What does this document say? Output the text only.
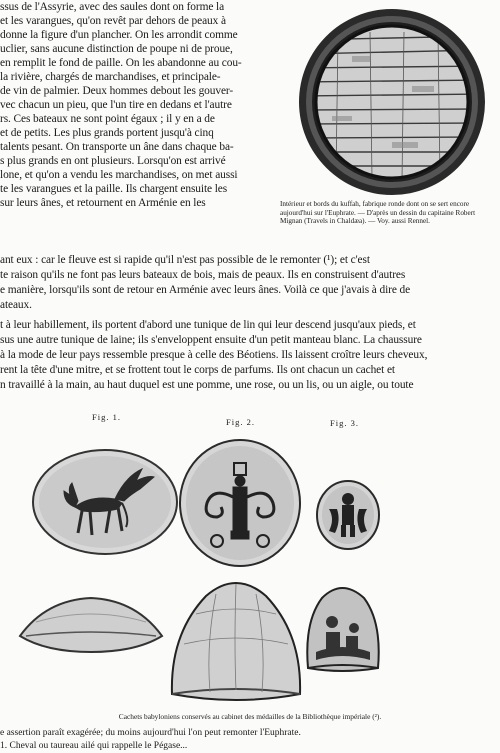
ssus de l'Assyrie, avec des saules dont on forme la
et les varangues, qu'on revêt par dehors de peaux à
donne la figure d'un plancher. On les arrondit comme
uclier, sans aucune distinction de poupe ni de proue,
en remplit le fond de paille. On les abandonne au cou-
la rivière, chargés de marchandises, et principale-
de vin de palmier. Deux hommes debout les gouver-
vec chacun un pieu, que l'un tire en dedans et l'autre
rs. Ces bateaux ne sont point égaux ; il y en a de
et de petits. Les plus grands portent jusqu'à cinq
talents pesant. On transporte un âne dans chaque ba-
s plus grands en ont plusieurs. Lorsqu'on est arrivé
lone, et qu'on a vendu les marchandises, on met aussi
te les varangues et la paille. Ils chargent ensuite les
sur leurs ânes, et retournent en Arménie en les	Intérieur et bords du kuffah, fabrique ronde dont on se sert encore aujourd'hui sur l'Euphrate. — D'après un dessin du capitaine Robert Mignan (Travels in Chaldæa). — Voy. aussi Rennel.
ant eux : car le fleuve est si rapide qu'il n'est pas possible de le remonter (¹); et c'est
te raison qu'ils ne font pas leurs bateaux de bois, mais de peaux. Ils en construisent d'autres
e manière, lorsqu'ils sont de retour en Arménie avec leurs ânes. Voilà ce que j'avais à dire de
ateaux.
t à leur habillement, ils portent d'abord une tunique de lin qui leur descend jusqu'aux pieds, et
sus une autre tunique de laine; ils s'enveloppent ensuite d'un petit manteau blanc. La chaussure
à la mode de leur pays ressemble presque à celle des Béotiens. Ils laissent croître leurs cheveux,
rent la tête d'une mitre, et se frottent tout le corps de parfums. Ils ont chacun un cachet et
n travaillé à la main, au haut duquel est une pomme, une rose, ou un lis, ou un aigle, ou toute
Fig. 1.	Fig. 2.	Fig. 3.
Cachets babyloniens conservés au cabinet des médailles de la Bibliothèque impériale (²).
e assertion paraît exagérée; du moins aujourd'hui l'on peut remonter l'Euphrate.
1. Cheval ou taureau ailé qui rappelle le Pégase...
